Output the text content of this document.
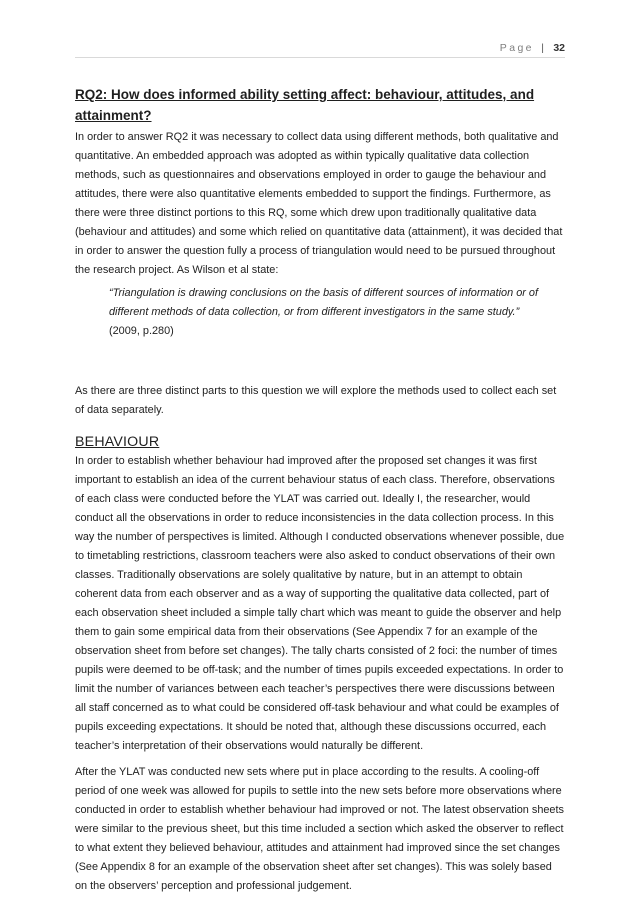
Page | 32
RQ2: How does informed ability setting affect: behaviour, attitudes, and attainment?

In order to answer RQ2 it was necessary to collect data using different methods, both qualitative and quantitative. An embedded approach was adopted as within typically qualitative data collection methods, such as questionnaires and observations employed in order to gauge the behaviour and attitudes, there were also quantitative elements embedded to support the findings. Furthermore, as there were three distinct portions to this RQ, some which drew upon traditionally qualitative data (behaviour and attitudes) and some which relied on quantitative data (attainment), it was decided that in order to answer the question fully a process of triangulation would need to be pursued throughout the research project. As Wilson et al state:

“Triangulation is drawing conclusions on the basis of different sources of information or of different methods of data collection, or from different investigators in the same study.”

(2009, p.280)

As there are three distinct parts to this question we will explore the methods used to collect each set of data separately.

BEHAVIOUR

In order to establish whether behaviour had improved after the proposed set changes it was first important to establish an idea of the current behaviour status of each class. Therefore, observations of each class were conducted before the YLAT was carried out. Ideally I, the researcher, would conduct all the observations in order to reduce inconsistencies in the data collection process. In this way the number of perspectives is limited. Although I conducted observations whenever possible, due to timetabling restrictions, classroom teachers were also asked to conduct observations of their own classes. Traditionally observations are solely qualitative by nature, but in an attempt to obtain coherent data from each observer and as a way of supporting the qualitative data collected, part of each observation sheet included a simple tally chart which was meant to guide the observer and help them to gain some empirical data from their observations (See Appendix 7 for an example of the observation sheet from before set changes). The tally charts consisted of 2 foci: the number of times pupils were deemed to be off-task; and the number of times pupils exceeded expectations. In order to limit the number of variances between each teacher’s perspectives there were discussions between all staff concerned as to what could be considered off-task behaviour and what could be examples of pupils exceeding expectations. It should be noted that, although these discussions occurred, each teacher’s interpretation of their observations would naturally be different.

After the YLAT was conducted new sets where put in place according to the results. A cooling-off period of one week was allowed for pupils to settle into the new sets before more observations where conducted in order to establish whether behaviour had improved or not. The latest observation sheets were similar to the previous sheet, but this time included a section which asked the observer to reflect to what extent they believed behaviour, attitudes and attainment had improved since the set changes (See Appendix 8 for an example of the observation sheet after set changes). This was solely based on the observers’ perception and professional judgement.
